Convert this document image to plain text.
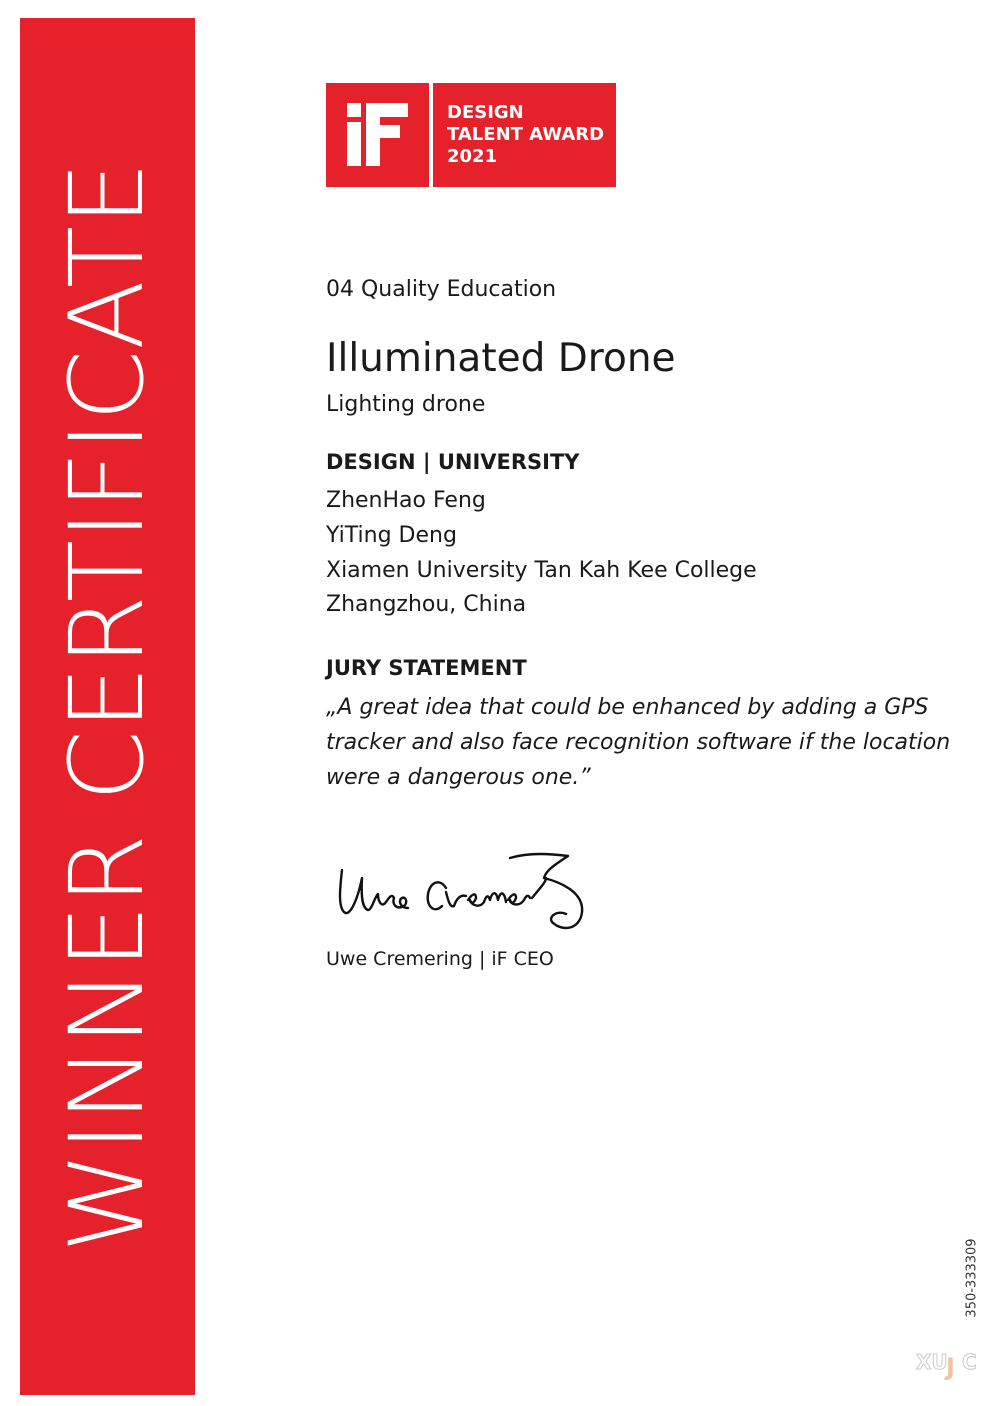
WINNER CERTIFICATE
DESIGN
TALENT AWARD
2021
04 Quality Education
Illuminated Drone
Lighting drone
DESIGN | UNIVERSITY
ZhenHao Feng
YiTing Deng
Xiamen University Tan Kah Kee College
Zhangzhou, China
JURY STATEMENT
„A great idea that could be enhanced by adding a GPS tracker and also face recognition software if the location were a dangerous one.”
Uwe Cremering | iF CEO
350-333309
XU
J C
